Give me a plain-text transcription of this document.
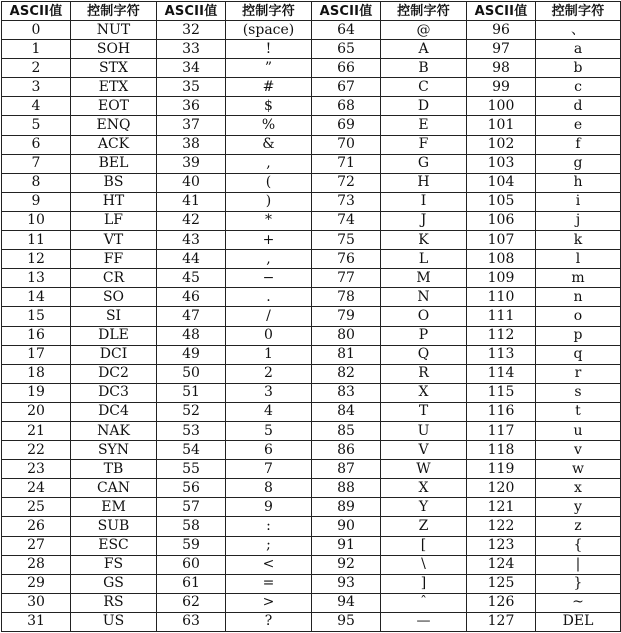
ASCII值	控制字符	ASCII值	控制字符	ASCII值	控制字符	ASCII值	控制字符
0	NUT	32	(space)	64	@	96	、
1	SOH	33	!	65	A	97	a
2	STX	34	”	66	B	98	b
3	ETX	35	#	67	C	99	c
4	EOT	36	$	68	D	100	d
5	ENQ	37	%	69	E	101	e
6	ACK	38	&	70	F	102	f
7	BEL	39	,	71	G	103	g
8	BS	40	(	72	H	104	h
9	HT	41	)	73	I	105	i
10	LF	42	*	74	J	106	j
11	VT	43	+	75	K	107	k
12	FF	44	,	76	L	108	l
13	CR	45	−	77	M	109	m
14	SO	46	.	78	N	110	n
15	SI	47	/	79	O	111	o
16	DLE	48	0	80	P	112	p
17	DCI	49	1	81	Q	113	q
18	DC2	50	2	82	R	114	r
19	DC3	51	3	83	X	115	s
20	DC4	52	4	84	T	116	t
21	NAK	53	5	85	U	117	u
22	SYN	54	6	86	V	118	v
23	TB	55	7	87	W	119	w
24	CAN	56	8	88	X	120	x
25	EM	57	9	89	Y	121	y
26	SUB	58	:	90	Z	122	z
27	ESC	59	;	91	[	123	{
28	FS	60	<	92	\	124	|
29	GS	61	=	93	]	125	}
30	RS	62	>	94	ˆ	126	~
31	US	63	?	95	—	127	DEL
